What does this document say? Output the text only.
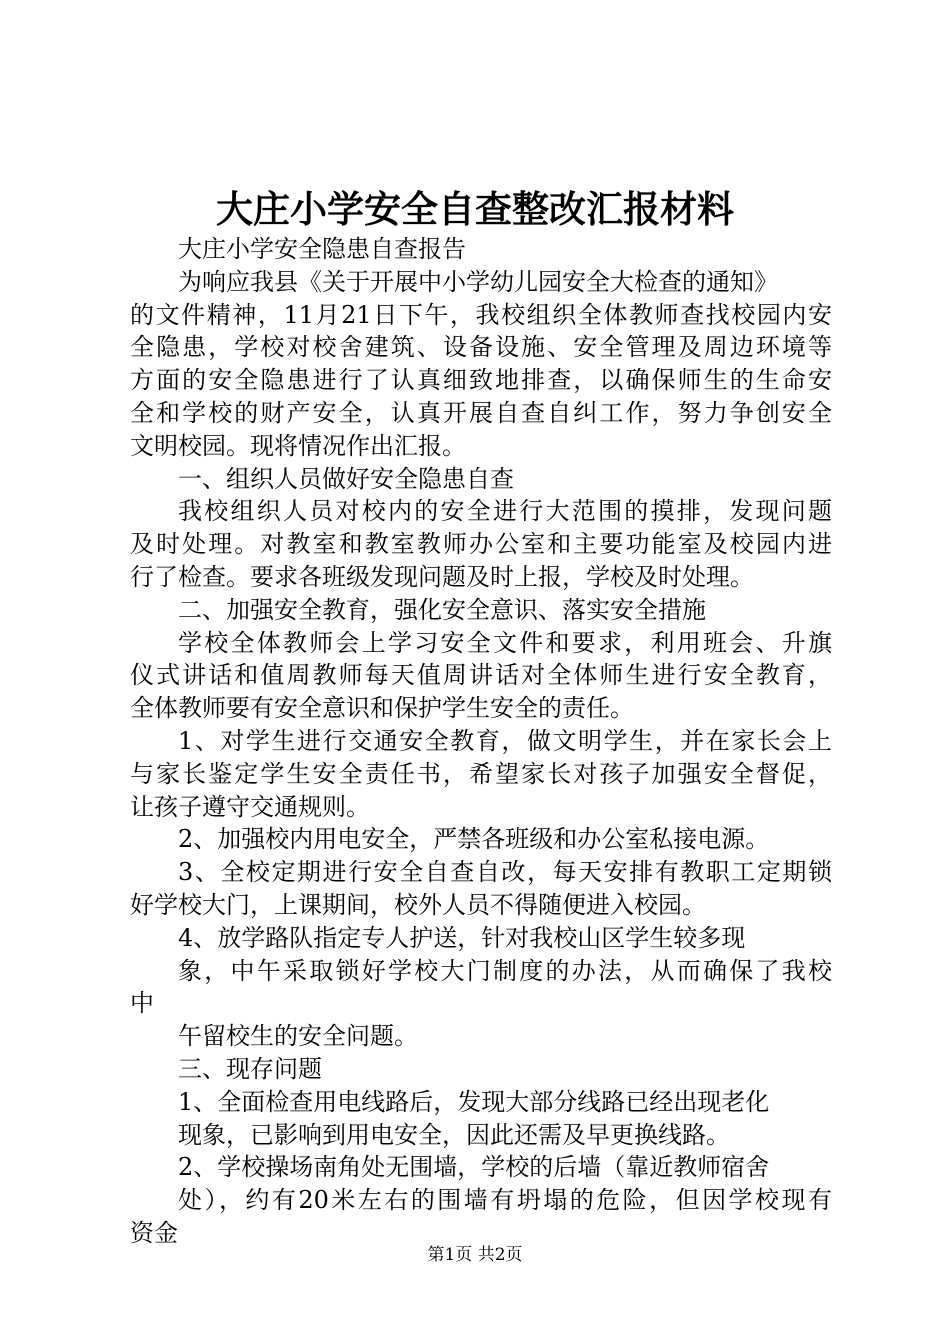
大庄小学安全自查整改汇报材料

大庄小学安全隐患自查报告

为响应我县《关于开展中小学幼儿园安全大检查的通知》

的文件精神，11月21日下午，我校组织全体教师查找校园内安

全隐患，学校对校舍建筑、设备设施、安全管理及周边环境等

方面的安全隐患进行了认真细致地排查，以确保师生的生命安

全和学校的财产安全，认真开展自查自纠工作，努力争创安全

文明校园。现将情况作出汇报。

一、组织人员做好安全隐患自查

我校组织人员对校内的安全进行大范围的摸排，发现问题

及时处理。对教室和教室教师办公室和主要功能室及校园内进

行了检查。要求各班级发现问题及时上报，学校及时处理。

二、加强安全教育，强化安全意识、落实安全措施

学校全体教师会上学习安全文件和要求，利用班会、升旗

仪式讲话和值周教师每天值周讲话对全体师生进行安全教育，

全体教师要有安全意识和保护学生安全的责任。

1、对学生进行交通安全教育，做文明学生，并在家长会上

与家长鉴定学生安全责任书，希望家长对孩子加强安全督促，

让孩子遵守交通规则。

2、加强校内用电安全，严禁各班级和办公室私接电源。

3、全校定期进行安全自查自改，每天安排有教职工定期锁

好学校大门，上课期间，校外人员不得随便进入校园。

4、放学路队指定专人护送，针对我校山区学生较多现

象，中午采取锁好学校大门制度的办法，从而确保了我校

中

午留校生的安全问题。

三、现存问题

1、全面检查用电线路后，发现大部分线路已经出现老化

现象，已影响到用电安全，因此还需及早更换线路。

2、学校操场南角处无围墙，学校的后墙（靠近教师宿舍

处），约有20米左右的围墙有坍塌的危险，但因学校现有

资金

第1页 共2页
